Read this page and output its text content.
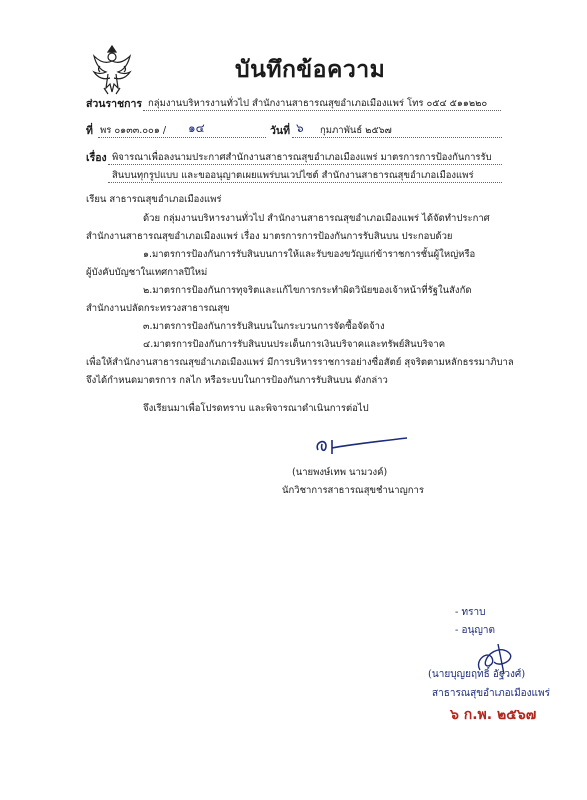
บันทึกข้อความ
ส่วนราชการ กลุ่มงานบริหารงานทั่วไป สำนักงานสาธารณสุขอำเภอเมืองแพร่ โทร ๐๕๔ ๕๑๑๒๒๐
ที่ พร ๐๑๓๓.๐๐๑ / ๑๔	วันที่ ๖ กุมภาพันธ์ ๒๕๖๗
เรื่อง พิจารณาเพื่อลงนามประกาศสำนักงานสาธารณสุขอำเภอเมืองแพร่ มาตรการการป้องกันการรับ
สินบนทุกรูปแบบ และขออนุญาตเผยแพร่บนเวปไซต์ สำนักงานสาธารณสุขอำเภอเมืองแพร่
เรียน สาธารณสุขอำเภอเมืองแพร่
ด้วย กลุ่มงานบริหารงานทั่วไป สำนักงานสาธารณสุขอำเภอเมืองแพร่ ได้จัดทำประกาศ
สำนักงานสาธารณสุขอำเภอเมืองแพร่ เรื่อง มาตรการการป้องกันการรับสินบน ประกอบด้วย
๑.มาตรการป้องกันการรับสินบนการให้และรับของขวัญแก่ข้าราชการชั้นผู้ใหญ่หรือ
ผู้บังคับบัญชาในเทศกาลปีใหม่
๒.มาตรการป้องกันการทุจริตและแก้ไขการกระทำผิดวินัยของเจ้าหน้าที่รัฐในสังกัด
สำนักงานปลัดกระทรวงสาธารณสุข
๓.มาตรการป้องกันการรับสินบนในกระบวนการจัดซื้อจัดจ้าง
๔.มาตรการป้องกันการรับสินบนประเด็นการเงินบริจาคและทรัพย์สินบริจาค
เพื่อให้สำนักงานสาธารณสุขอำเภอเมืองแพร่ มีการบริหารราชการอย่างซื่อสัตย์ สุจริตตามหลักธรรมาภิบาล
จึงได้กำหนดมาตรการ กลไก หรือระบบในการป้องกันการรับสินบน ดังกล่าว
จึงเรียนมาเพื่อโปรดทราบ และพิจารณาดำเนินการต่อไป
(นายพงษ์เทพ นามวงค์)
นักวิชาการสาธารณสุขชำนาญการ
- ทราบ
- อนุญาต
(นายบุญยฤทธิ์ อัฐวงศ์)
สาธารณสุขอำเภอเมืองแพร่
๖ ก.พ. ๒๕๖๗
